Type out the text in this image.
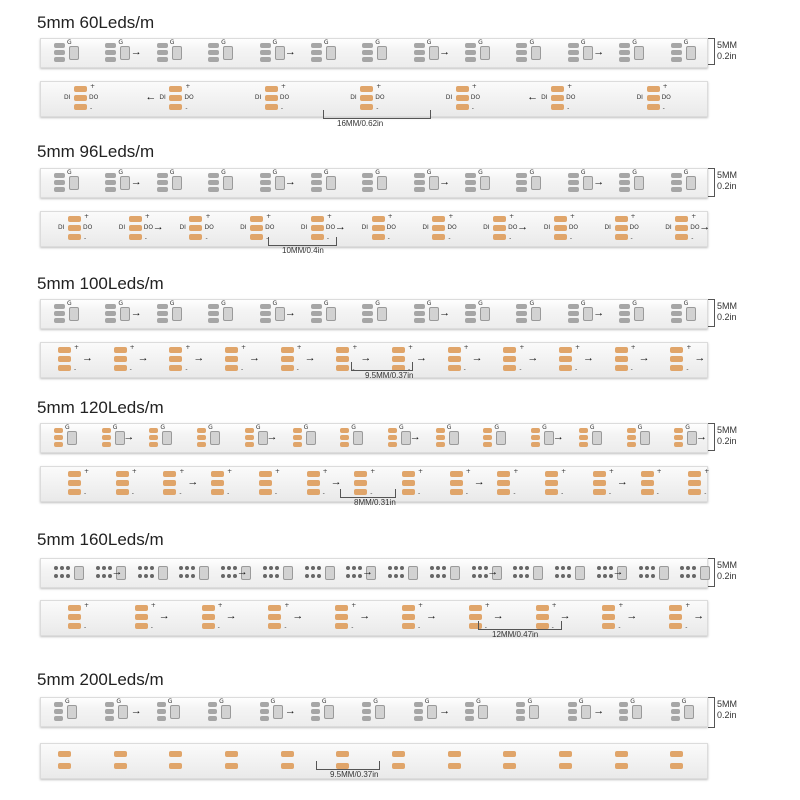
5mm 60Leds/m
G	G
→
G	G	G
→
G	G	G
→
G	G	G
→
G	G
+
-
DI	DO
+
-
DI	DO
←
+
-
DI	DO
+
-
DI	DO
+
-
DI	DO
+
-
DI	DO
←
+
-
DI	DO
5MM
0.2in
16MM/0.62in
5mm 96Leds/m
G	G
→
G	G	G
→
G	G	G
→
G	G	G
→
G	G
+
-
DI	DO
+
-
DI	DO →
+
-
DI	DO
+
-
DI	DO
+
-
DI	DO →
+
-
DI	DO
+
-
DI	DO
+
-
DI	DO →
+
-
DI	DO
+
-
DI	DO
+
-
DI	DO →
5MM
0.2in
10MM/0.4in
5mm 100Leds/m
G	G
→
G	G	G
→
G	G	G
→
G	G	G
→
G	G
+
-
→
+
-
→
+
-
→
+
-
→
+
-
→
+
-
→
+
-
→
+
-
→
+
-
→
+
-
→
+
-
→
+
-
→
5MM
0.2in
9.5MM/0.37in
5mm 120Leds/m
G	G
→
G	G	G
→
G	G	G
→
G	G	G
→
G	G	G
→
+
-
+
-
+
-
→
+
-
+
-
+
-
→
+
-
+
-
+
-
→
+
-
+
-
+
-
→
+
-
+
-
5MM
0.2in
8MM/0.31in
5mm 160Leds/m
→	→	→	→	→
+
-
+
-
→
+
-
→
+
-
→
+
-
→
+
-
→
+
-
→
+
-
→
+
-
→
+
-
→
5MM
0.2in
12MM/0.47in
5mm 200Leds/m
G	G
→
G	G	G
→
G	G	G
→
G	G	G
→
G	G	5MM
0.2in
9.5MM/0.37in
